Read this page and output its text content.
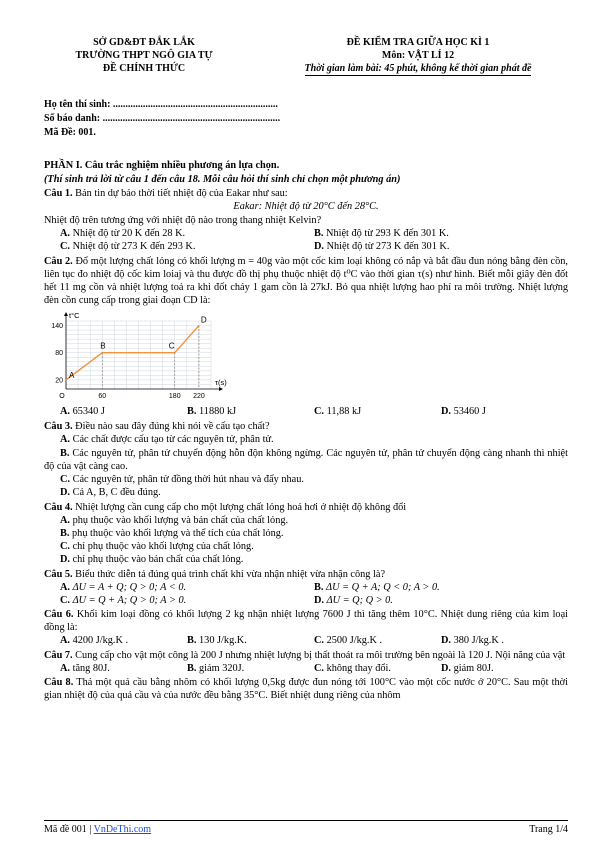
SỞ GD&ĐT ĐẮK LẮK
TRƯỜNG THPT NGÔ GIA TỰ
ĐỀ CHÍNH THỨC
ĐỀ KIỂM TRA GIỮA HỌC KÌ 1
Môn: VẬT LÍ 12
Thời gian làm bài: 45 phút, không kể thời gian phát đề
Họ tên thí sinh: ..................................................................
Số báo danh: .......................................................................
Mã Đề: 001.
PHẦN I. Câu trắc nghiệm nhiều phương án lựa chọn.
(Thí sinh trả lời từ câu 1 đến câu 18. Mỗi câu hỏi thí sinh chỉ chọn một phương án)
Câu 1. Bản tin dự báo thời tiết nhiệt độ của Eakar như sau:
Eakar: Nhiệt độ từ 20°C đến 28°C.
Nhiệt độ trên tương ứng với nhiệt độ nào trong thang nhiệt Kelvin?
A. Nhiệt độ từ 20 K đến 28 K.	B. Nhiệt độ từ 293 K đến 301 K.
C. Nhiệt độ từ 273 K đến 293 K.	D. Nhiệt độ từ 273 K đến 301 K.
Câu 2. Đổ một lượng chất lỏng có khối lượng m = 40g vào một cốc kim loại không có nắp và bắt đầu đun nóng bằng đèn cồn, liên tục đo nhiệt độ cốc kim loiaj và thu được đồ thị phụ thuộc nhiệt độ t⁰C vào thời gian τ(s) như hình. Biết mỗi giây đèn đốt hết 11 mg cồn và nhiệt lượng toả ra khi đốt cháy 1 gam cồn là 27kJ. Bỏ qua nhiệt lượng hao phí ra môi trường. Nhiệt lượng đèn cồn cung cấp trong giai đoạn CD là:
A
B	C
D
20
80
140
60	180 220
O
t°C
τ(s)
A. 65340 J	B. 11880 kJ	C. 11,88 kJ	D. 53460 J
Câu 3. Điều nào sau đây đúng khi nói về cấu tạo chất?
A. Các chất được cấu tạo từ các nguyên tử, phân tử.
B. Các nguyên tử, phân tử chuyển động hỗn độn không ngừng. Các nguyên tử, phân tử chuyển động càng nhanh thì nhiệt độ của vật càng cao.
C. Các nguyên tử, phân tử đồng thời hút nhau và đẩy nhau.
D. Cả A, B, C đều đúng.
Câu 4. Nhiệt lượng cần cung cấp cho một lượng chất lỏng hoá hơi ở nhiệt độ không đổi
A. phụ thuộc vào khối lượng và bản chất của chất lỏng.
B. phụ thuộc vào khối lượng và thể tích của chất lỏng.
C. chỉ phụ thuộc vào khối lượng của chất lỏng.
D. chỉ phụ thuộc vào bản chất của chất lỏng.
Câu 5. Biểu thức diễn tả đúng quá trình chất khí vừa nhận nhiệt vừa nhận công là?
A. ΔU = A + Q; Q > 0; A < 0.	B. ΔU = Q + A; Q < 0; A > 0.
C. ΔU = Q + A; Q > 0; A > 0.	D. ΔU = Q; Q > 0.
Câu 6. Khối kim loại đồng có khối lượng 2 kg nhận nhiệt lượng 7600 J thì tăng thêm 10°C. Nhiệt dung riêng của kim loại đồng là:
A. 4200 J/kg.K .	B. 130 J/kg.K.	C. 2500 J/kg.K .	D. 380 J/kg.K .
Câu 7. Cung cấp cho vật một công là 200 J nhưng nhiệt lượng bị thất thoát ra môi trường bên ngoài là 120 J. Nội năng của vật
A. tăng 80J.	B. giảm 320J.	C. không thay đổi.	D. giảm 80J.
Câu 8. Thả một quả cầu bằng nhôm có khối lượng 0,5kg được đun nóng tới 100°C vào một cốc nước ở 20°C. Sau một thời gian nhiệt độ của quả cầu và của nước đều bằng 35°C. Biết nhiệt dung riêng của nhôm
Mã đề 001 | VnDeThi.com	Trang 1/4
